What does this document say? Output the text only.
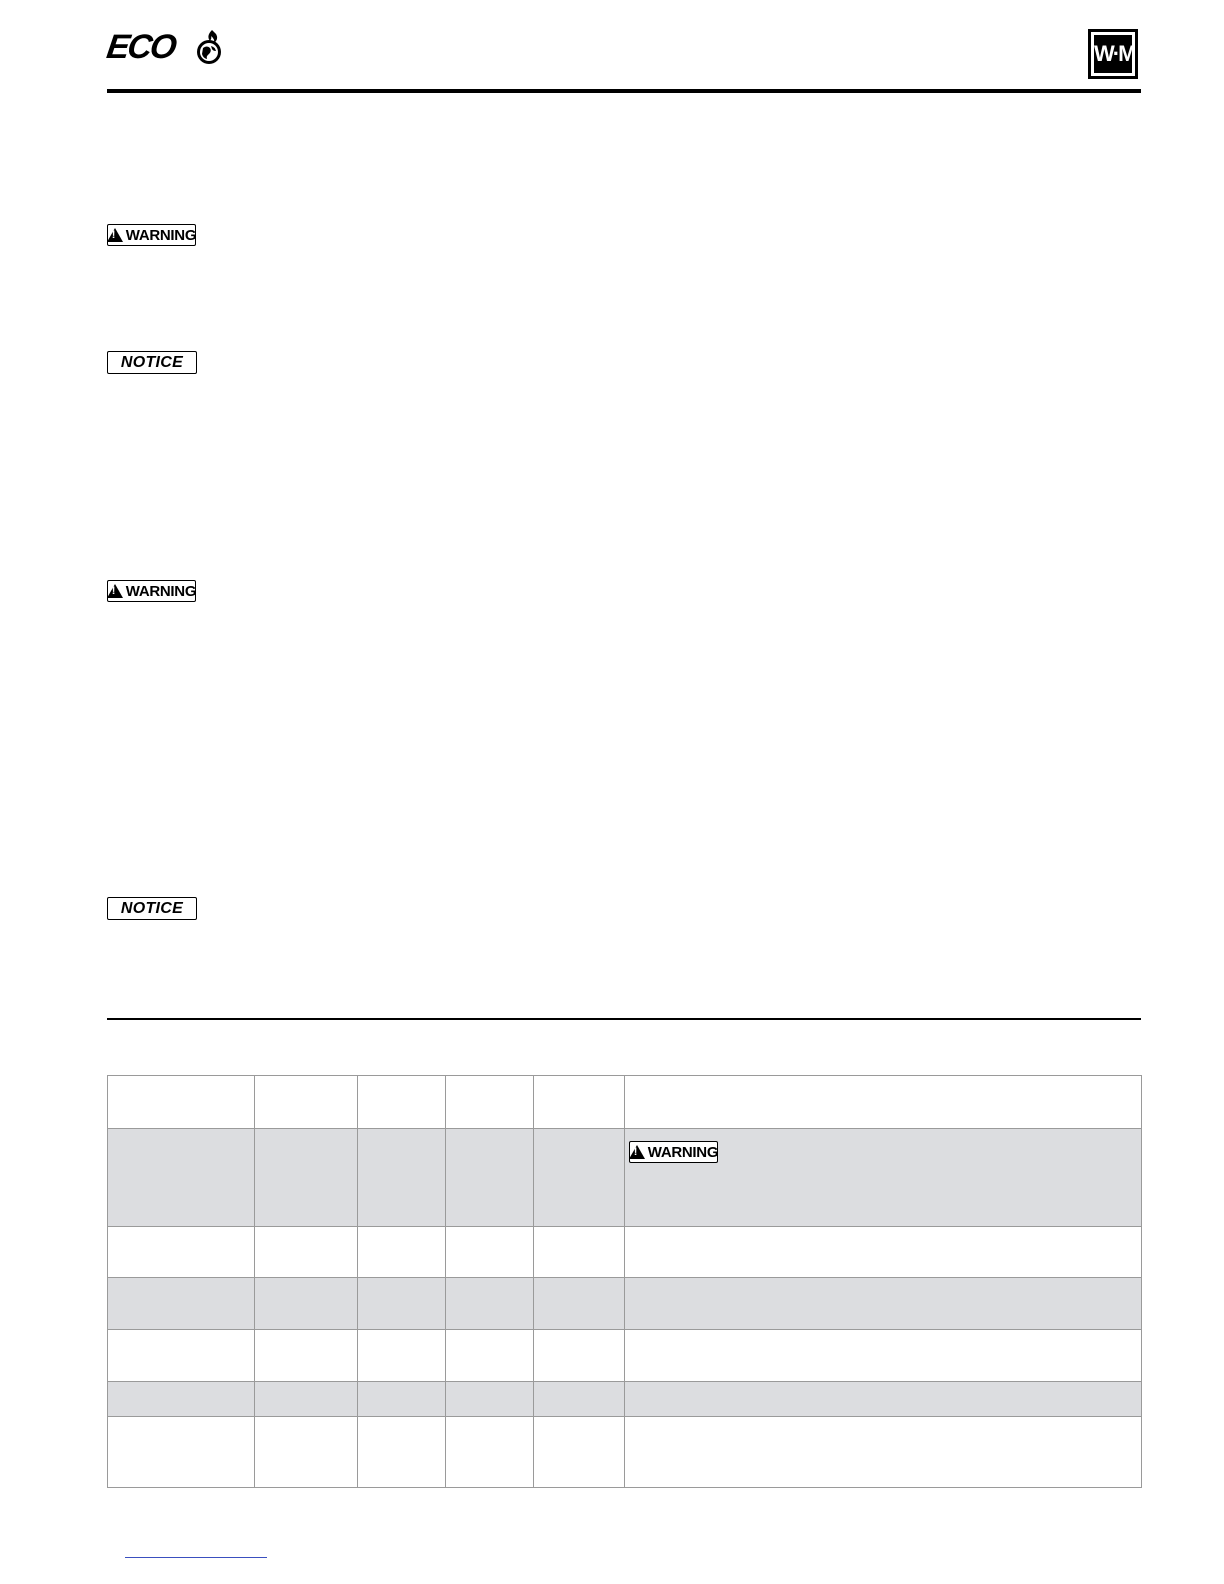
ECO	W·M
!
WARNING
NOTICE
!
WARNING
NOTICE

!
WARNING
